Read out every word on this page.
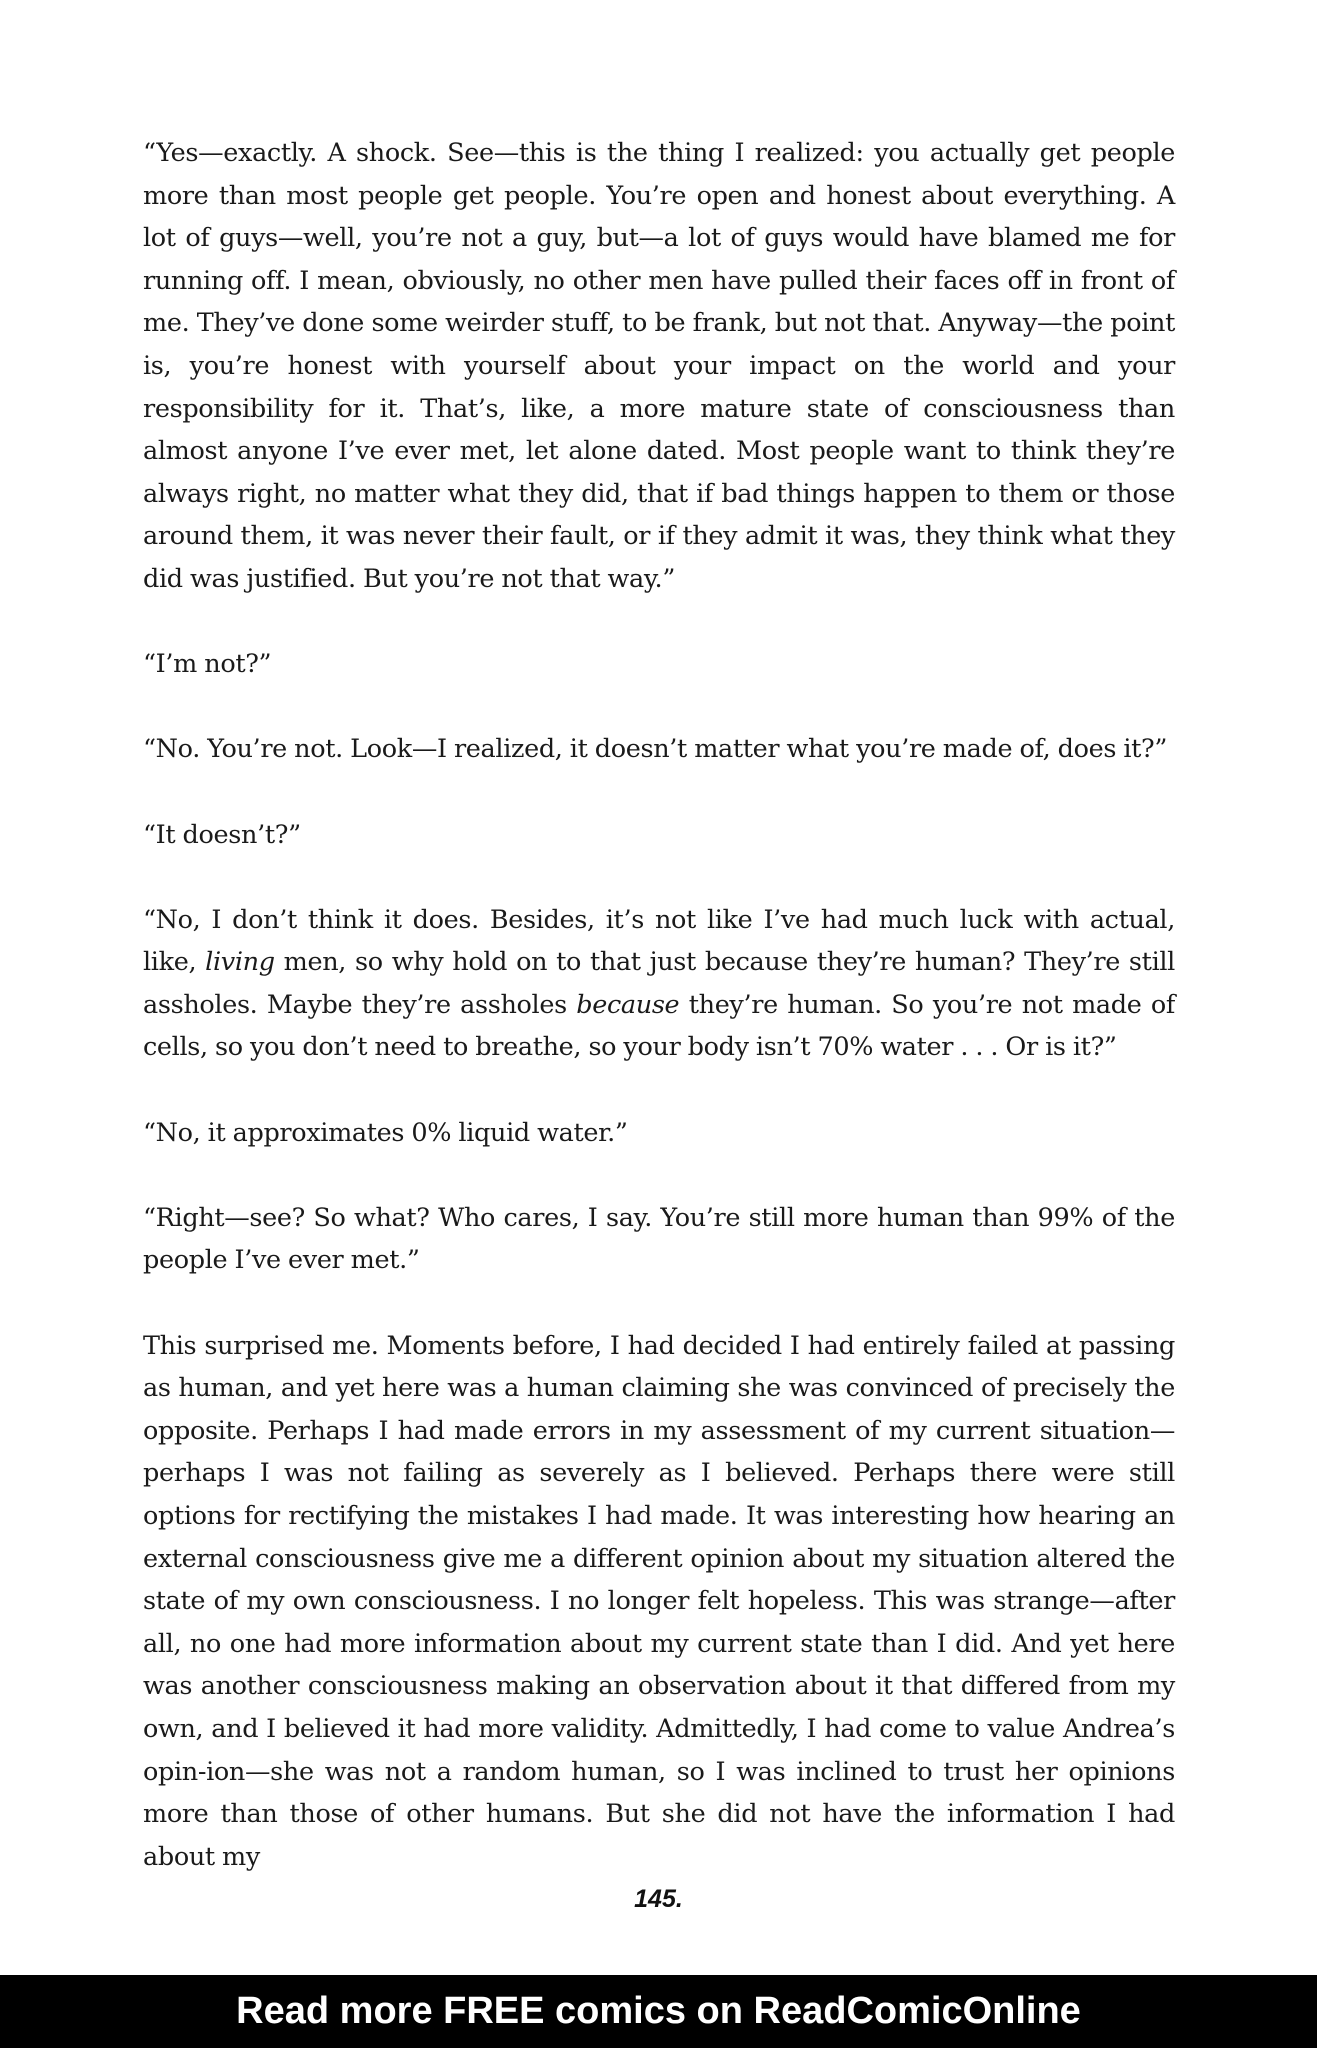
“Yes—exactly. A shock. See—this is the thing I realized: you actually get people more than most people get people. You’re open and honest about everything. A lot of guys—well, you’re not a guy, but—a lot of guys would have blamed me for running off. I mean, obviously, no other men have pulled their faces off in front of me. They’ve done some weirder stuff, to be frank, but not that. Anyway—the point is, you’re honest with yourself about your impact on the world and your responsibility for it. That’s, like, a more mature state of consciousness than almost anyone I’ve ever met, let alone dated. Most people want to think they’re always right, no matter what they did, that if bad things happen to them or those around them, it was never their fault, or if they admit it was, they think what they did was justified. But you’re not that way.”

“I’m not?”

“No. You’re not. Look—I realized, it doesn’t matter what you’re made of, does it?”

“It doesn’t?”

“No, I don’t think it does. Besides, it’s not like I’ve had much luck with actual, like, living men, so why hold on to that just because they’re human? They’re still assholes. Maybe they’re assholes because they’re human. So you’re not made of cells, so you don’t need to breathe, so your body isn’t 70% water . . . Or is it?”

“No, it approximates 0% liquid water.”

“Right—see? So what? Who cares, I say. You’re still more human than 99% of the people I’ve ever met.”

This surprised me. Moments before, I had decided I had entirely failed at passing as human, and yet here was a human claiming she was convinced of precisely the opposite. Perhaps I had made errors in my assessment of my current situation—perhaps I was not failing as severely as I believed. Perhaps there were still options for rectifying the mistakes I had made. It was interesting how hearing an external consciousness give me a different opinion about my situation altered the state of my own consciousness. I no longer felt hopeless. This was strange—after all, no one had more information about my current state than I did. And yet here was another consciousness making an observation about it that differed from my own, and I believed it had more validity. Admittedly, I had come to value Andrea’s opin-ion—she was not a random human, so I was inclined to trust her opinions more than those of other humans. But she did not have the information I had about my

145.
Read more FREE comics on ReadComicOnline
